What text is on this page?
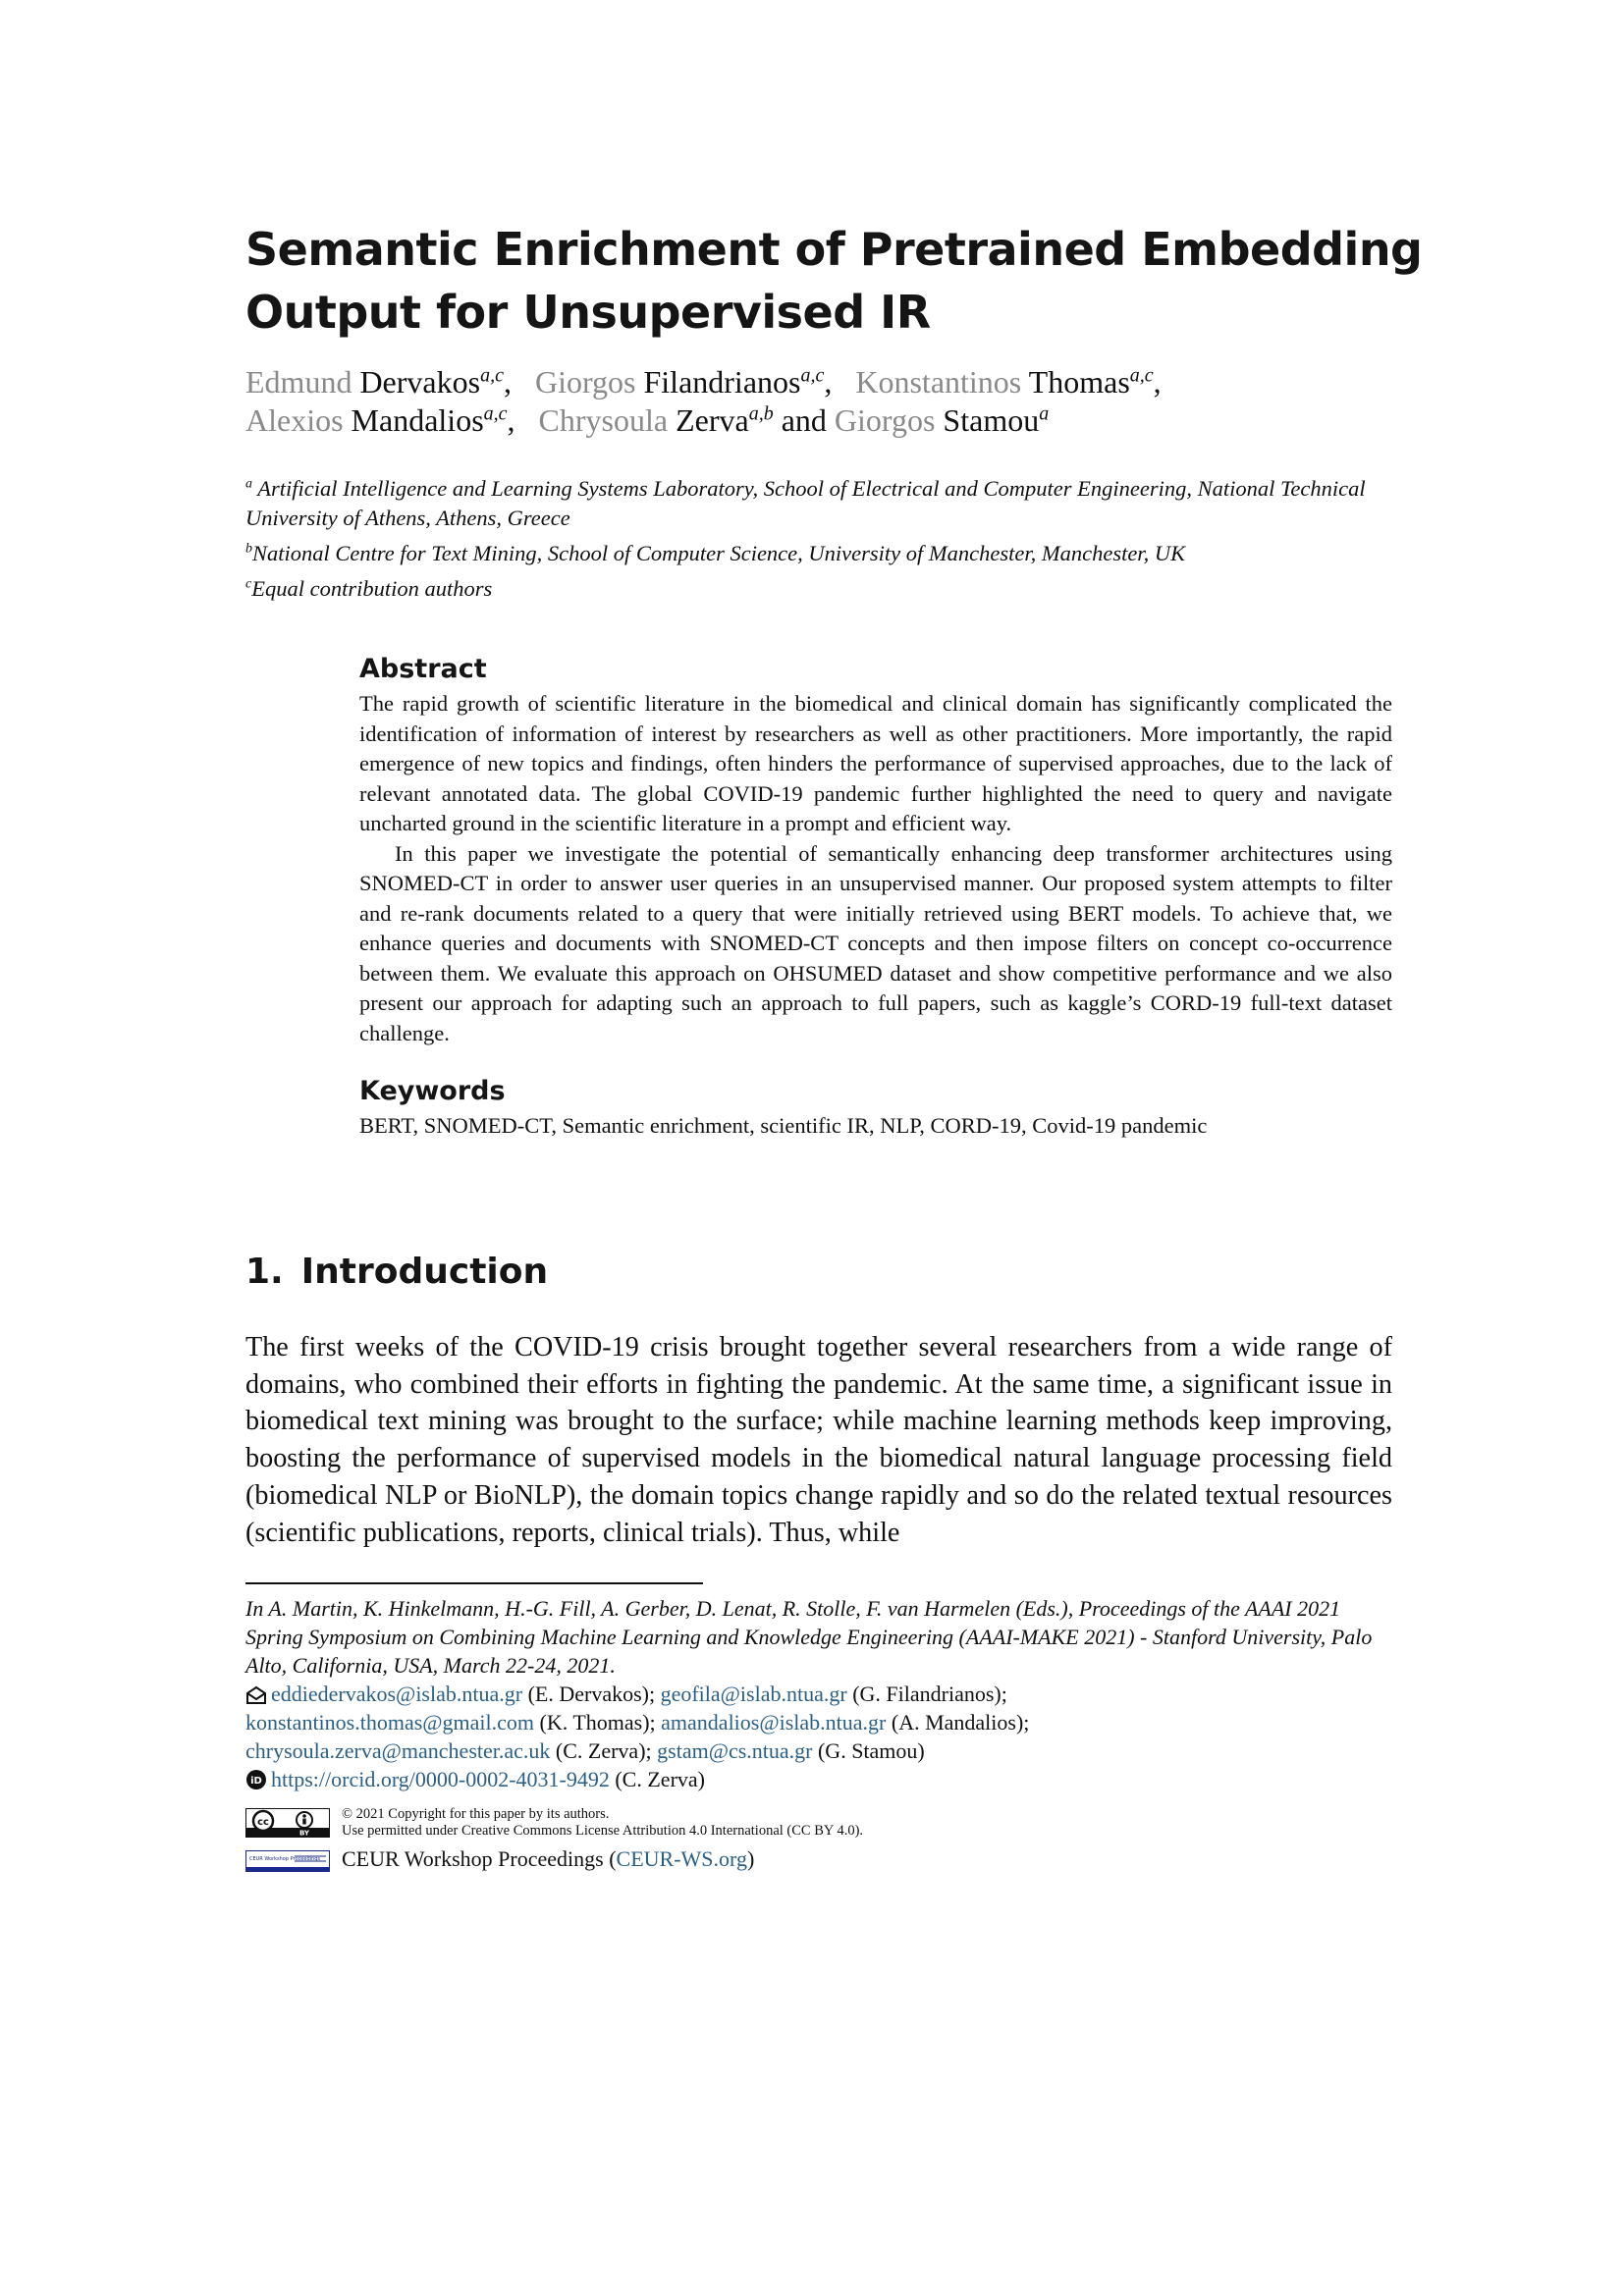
Semantic Enrichment of Pretrained Embedding
Output for Unsupervised IR
Edmund Dervakos$^{a,c}$,   Giorgos Filandrianos$^{a,c}$,   Konstantinos Thomas$^{a,c}$,
Alexios Mandalios$^{a,c}$,   Chrysoula Zerva$^{a,b}$ and Giorgos Stamou$^a$

$^a$ Artificial Intelligence and Learning Systems Laboratory, School of Electrical and Computer Engineering, National Technical University of Athens, Athens, Greece

$^b$National Centre for Text Mining, School of Computer Science, University of Manchester, Manchester, UK

$^c$Equal contribution authors

Abstract

The rapid growth of scientific literature in the biomedical and clinical domain has significantly complicated the identification of information of interest by researchers as well as other practitioners. More importantly, the rapid emergence of new topics and findings, often hinders the performance of supervised approaches, due to the lack of relevant annotated data. The global COVID-19 pandemic further highlighted the need to query and navigate uncharted ground in the scientific literature in a prompt and efficient way.

In this paper we investigate the potential of semantically enhancing deep transformer architectures using SNOMED-CT in order to answer user queries in an unsupervised manner. Our proposed system attempts to filter and re-rank documents related to a query that were initially retrieved using BERT models. To achieve that, we enhance queries and documents with SNOMED-CT concepts and then impose filters on concept co-occurrence between them. We evaluate this approach on OHSUMED dataset and show competitive performance and we also present our approach for adapting such an approach to full papers, such as kaggle’s CORD-19 full-text dataset challenge.

Keywords
BERT, SNOMED-CT, Semantic enrichment, scientific IR, NLP, CORD-19, Covid-19 pandemic
1. Introduction

The first weeks of the COVID-19 crisis brought together several researchers from a wide range of domains, who combined their efforts in fighting the pandemic. At the same time, a significant issue in biomedical text mining was brought to the surface; while machine learning methods keep improving, boosting the performance of supervised models in the biomedical natural language processing field (biomedical NLP or BioNLP), the domain topics change rapidly and so do the related textual resources (scientific publications, reports, clinical trials). Thus, while

In A. Martin, K. Hinkelmann, H.-G. Fill, A. Gerber, D. Lenat, R. Stolle, F. van Harmelen (Eds.), Proceedings of the AAAI 2021 Spring Symposium on Combining Machine Learning and Knowledge Engineering (AAAI-MAKE 2021) - Stanford University, Palo Alto, California, USA, March 22-24, 2021.

eddiedervakos@islab.ntua.gr (E. Dervakos); geofila@islab.ntua.gr (G. Filandrianos);
konstantinos.thomas@gmail.com (K. Thomas); amandalios@islab.ntua.gr (A. Mandalios);
chrysoula.zerva@manchester.ac.uk (C. Zerva); gstam@cs.ntua.gr (G. Stamou)

iD https://orcid.org/0000-0002-4031-9492 (C. Zerva)

cc
BY
© 2021 Copyright for this paper by its authors.
Use permitted under Creative Commons License Attribution 4.0 International (CC BY 4.0).
CEUR Workshop Proceedings CEUR Workshop Proceedings (CEUR-WS.org)
